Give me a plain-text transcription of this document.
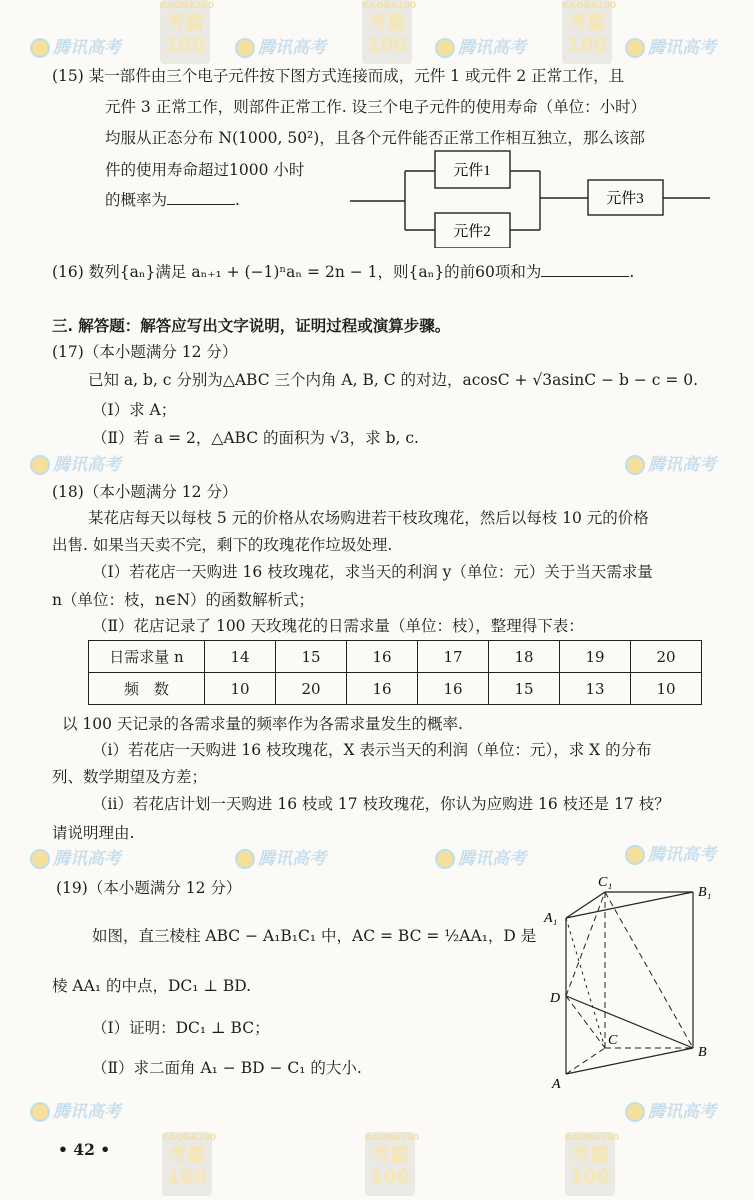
腾讯高考	腾讯高考	腾讯高考	腾讯高考
腾讯高考	腾讯高考
腾讯高考	腾讯高考	腾讯高考	腾讯高考
腾讯高考	腾讯高考
KAOBA100
考霸
100
KAOBA100
考霸
100
KAOBA100
考霸
100
KAOBA100
考霸
100
KAOBA100
考霸
100
KAOBA100
考霸
100
(15) 某一部件由三个电子元件按下图方式连接而成，元件 1 或元件 2 正常工作，且
元件 3 正常工作，则部件正常工作. 设三个电子元件的使用寿命（单位：小时）
均服从正态分布 N(1000, 50²)，且各个元件能否正常工作相互独立，那么该部
件的使用寿命超过1000 小时
的概率为	.
元件1
元件2
元件3
(16) 数列{aₙ}满足 aₙ₊₁ + (−1)ⁿaₙ = 2n − 1，则{aₙ}的前60项和为	.
三. 解答题：解答应写出文字说明，证明过程或演算步骤。
(17)（本小题满分 12 分）
已知 a, b, c 分别为△ABC 三个内角 A, B, C 的对边，acosC + √3asinC − b − c = 0.
（Ⅰ）求 A；
（Ⅱ）若 a = 2，△ABC 的面积为 √3，求 b, c.
(18)（本小题满分 12 分）
某花店每天以每枝 5 元的价格从农场购进若干枝玫瑰花，然后以每枝 10 元的价格
出售. 如果当天卖不完，剩下的玫瑰花作垃圾处理.
（Ⅰ）若花店一天购进 16 枝玫瑰花，求当天的利润 y（单位：元）关于当天需求量
n（单位：枝，n∈N）的函数解析式；
（Ⅱ）花店记录了 100 天玫瑰花的日需求量（单位：枝），整理得下表：
日需求量 n	14	15	16	17	18	19	20
频　数	10	20	16	16	15	13	10
以 100 天记录的各需求量的频率作为各需求量发生的概率.
（i）若花店一天购进 16 枝玫瑰花，X 表示当天的利润（单位：元），求 X 的分布
列、数学期望及方差；
（ii）若花店计划一天购进 16 枝或 17 枝玫瑰花，你认为应购进 16 枝还是 17 枝？
请说明理由.
(19)（本小题满分 12 分）
如图，直三棱柱 ABC − A₁B₁C₁ 中，AC = BC = ½AA₁，D 是
棱 AA₁ 的中点，DC₁ ⊥ BD.
（Ⅰ）证明：DC₁ ⊥ BC；
（Ⅱ）求二面角 A₁ − BD − C₁ 的大小.
C₁
B₁
A₁
D
C
B
A
• 42 •
